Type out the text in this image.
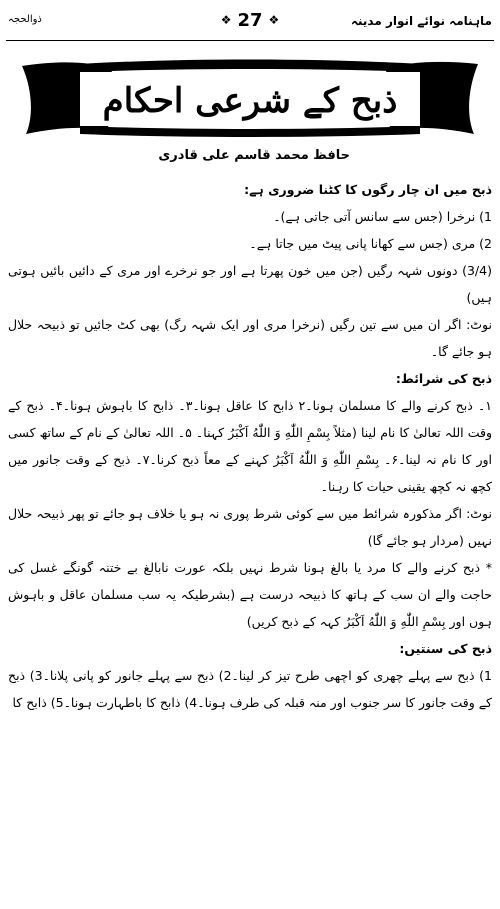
ماہنامہ نوائے انوار مدینہ
❖ 27 ❖
ذوالحجہ
ذبح کے شرعی احکام
حافظ محمد قاسم علی قادری

ذبح میں ان چار رگوں کا کٹنا ضروری ہے:

1) نرخرا (جس سے سانس آتی جاتی ہے)۔

2) مری (جس سے کھانا پانی پیٹ میں جاتا ہے۔

(3/4) دونوں شہہ رگیں (جن میں خون پھرتا ہے اور جو نرخرے اور مری کے دائیں بائیں ہوتی ہیں)

نوٹ: اگر ان میں سے تین رگیں (نرخرا مری اور ایک شہہ رگ) بھی کٹ جائیں تو ذبیحہ حلال ہو جائے گا۔

ذبح کی شرائط:

۱۔ ذبح کرنے والے کا مسلمان ہونا۔۲ ذابح کا عاقل ہونا۔۳۔ ذابح کا باہوش ہونا۔۴۔ ذبح کے وقت اللہ تعالیٰ کا نام لینا (مثلاً بِسْمِ اللّٰهِ وَ اللّٰهُ اَكْبَرُ کہنا۔ ۵۔ اللہ تعالیٰ کے نام کے ساتھ کسی اور کا نام نہ لینا۔۶۔ بِسْمِ اللّٰهِ وَ اللّٰهُ اَكْبَرُ کہنے کے معاً ذبح کرنا۔۷۔ ذبح کے وقت جانور میں کچھ نہ کچھ یقینی حیات کا رہنا۔

نوٹ: اگر مذکورہ شرائط میں سے کوئی شرط پوری نہ ہو یا خلاف ہو جائے تو پھر ذبیحہ حلال نہیں (مردار ہو جائے گا)

* ذبح کرنے والے کا مرد یا بالغ ہونا شرط نہیں بلکہ عورت نابالغ بے ختنہ گونگے غسل کی حاجت والے ان سب کے ہاتھ کا ذبیحہ درست ہے (بشرطیکہ یہ سب مسلمان عاقل و باہوش ہوں اور بِسْمِ اللّٰهِ وَ اللّٰهُ اَكْبَرُ کہہ کے ذبح کریں)

ذبح کی سنتیں:

1) ذبح سے پہلے چھری کو اچھی طرح تیز کر لینا۔2) ذبح سے پہلے جانور کو پانی پلانا۔3) ذبح کے وقت جانور کا سر جنوب اور منہ قبلہ کی طرف ہونا۔4) ذابح کا باطہارت ہونا۔5) ذابح کا
